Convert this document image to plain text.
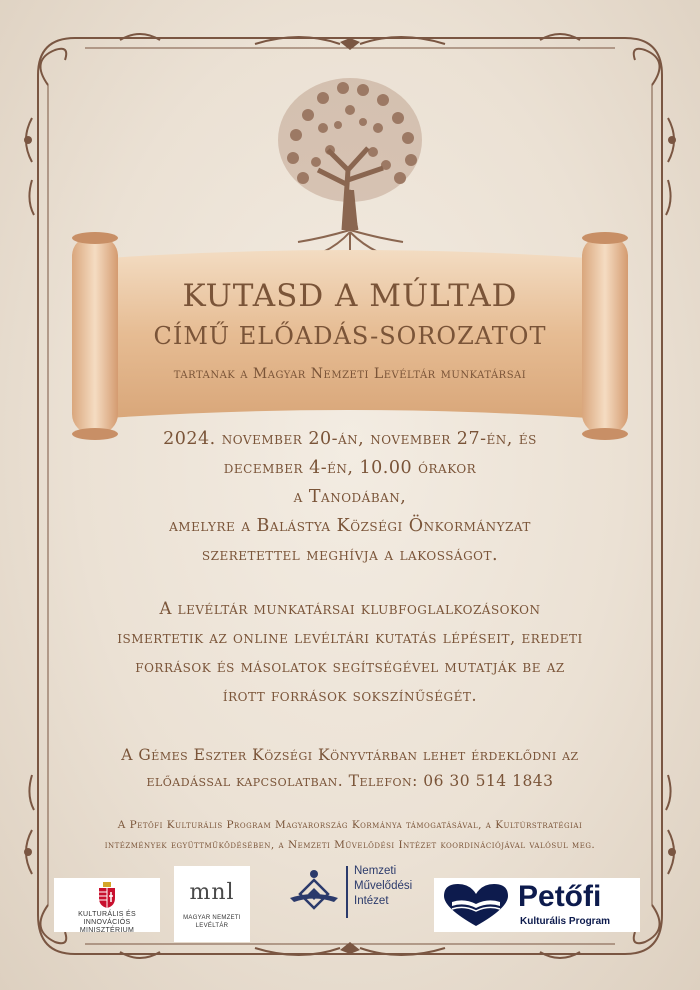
KUTASD A MÚLTAD
CÍMŰ ELŐADÁS-SOROZATOT
tartanak a Magyar Nemzeti Levéltár munkatársai
2024. november 20-án, november 27-én, és
december 4-én, 10.00 órakor
a Tanodában,
amelyre a Balástya Községi Önkormányzat
szeretettel meghívja a lakosságot.
A levéltár munkatársai klubfoglalkozásokon
ismertetik az online levéltári kutatás lépéseit, eredeti
források és másolatok segítségével mutatják be az
írott források sokszínűségét.
A Gémes Eszter Községi Könyvtárban lehet érdeklődni az
előadással kapcsolatban. Telefon: 06 30 514 1843
A Petőfi Kulturális Program Magyarország Kormánya támogatásával, a Kultúrstratégiai
intézmények együttműködésében, a Nemzeti Művelődési Intézet koordinációjával valósul meg.
KULTURÁLIS ÉS INNOVÁCIÓS
MINISZTÉRIUM
mnl
MAGYAR NEMZETI
LEVÉLTÁR
Nemzeti
Művelődési
Intézet	Petőfi
Kulturális Program
